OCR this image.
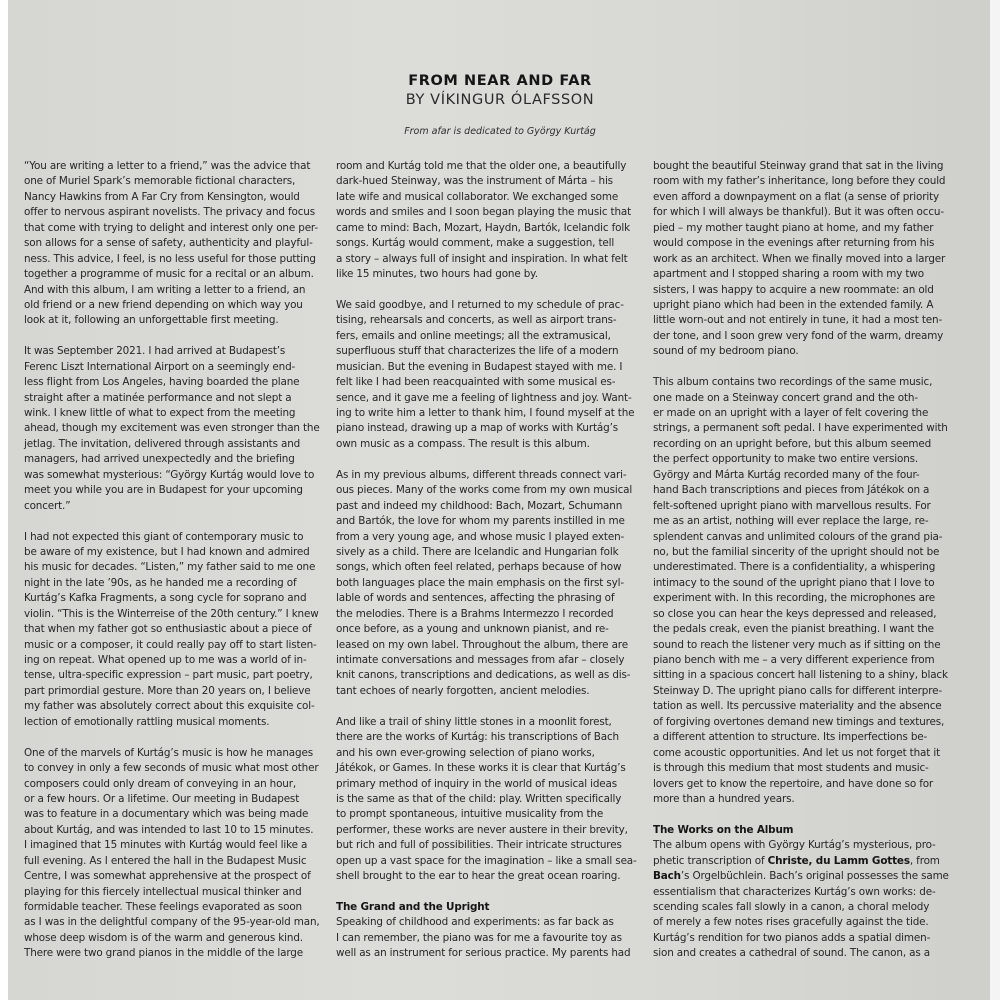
FROM NEAR AND FAR
BY VÍKINGUR ÓLAFSSON
From afar is dedicated to György Kurtág
“You are writing a letter to a friend,” was the advice that
one of Muriel Spark’s memorable fictional characters,
Nancy Hawkins from A Far Cry from Kensington, would
offer to nervous aspirant novelists. The privacy and focus
that come with trying to delight and interest only one per-
son allows for a sense of safety, authenticity and playful-
ness. This advice, I feel, is no less useful for those putting
together a programme of music for a recital or an album.
And with this album, I am writing a letter to a friend, an
old friend or a new friend depending on which way you
look at it, following an unforgettable first meeting.
It was September 2021. I had arrived at Budapest’s
Ferenc Liszt International Airport on a seemingly end-
less flight from Los Angeles, having boarded the plane
straight after a matinée performance and not slept a
wink. I knew little of what to expect from the meeting
ahead, though my excitement was even stronger than the
jetlag. The invitation, delivered through assistants and
managers, had arrived unexpectedly and the briefing
was somewhat mysterious: “György Kurtág would love to
meet you while you are in Budapest for your upcoming
concert.”
I had not expected this giant of contemporary music to
be aware of my existence, but I had known and admired
his music for decades. “Listen,” my father said to me one
night in the late ’90s, as he handed me a recording of
Kurtág’s Kafka Fragments, a song cycle for soprano and
violin. “This is the Winterreise of the 20th century.” I knew
that when my father got so enthusiastic about a piece of
music or a composer, it could really pay off to start listen-
ing on repeat. What opened up to me was a world of in-
tense, ultra-specific expression – part music, part poetry,
part primordial gesture. More than 20 years on, I believe
my father was absolutely correct about this exquisite col-
lection of emotionally rattling musical moments.
One of the marvels of Kurtág’s music is how he manages
to convey in only a few seconds of music what most other
composers could only dream of conveying in an hour,
or a few hours. Or a lifetime. Our meeting in Budapest
was to feature in a documentary which was being made
about Kurtág, and was intended to last 10 to 15 minutes.
I imagined that 15 minutes with Kurtág would feel like a
full evening. As I entered the hall in the Budapest Music
Centre, I was somewhat apprehensive at the prospect of
playing for this fiercely intellectual musical thinker and
formidable teacher. These feelings evaporated as soon
as I was in the delightful company of the 95-year-old man,
whose deep wisdom is of the warm and generous kind.
There were two grand pianos in the middle of the large
room and Kurtág told me that the older one, a beautifully
dark-hued Steinway, was the instrument of Márta – his
late wife and musical collaborator. We exchanged some
words and smiles and I soon began playing the music that
came to mind: Bach, Mozart, Haydn, Bartók, Icelandic folk
songs. Kurtág would comment, make a suggestion, tell
a story – always full of insight and inspiration. In what felt
like 15 minutes, two hours had gone by.
We said goodbye, and I returned to my schedule of prac-
tising, rehearsals and concerts, as well as airport trans-
fers, emails and online meetings; all the extramusical,
superfluous stuff that characterizes the life of a modern
musician. But the evening in Budapest stayed with me. I
felt like I had been reacquainted with some musical es-
sence, and it gave me a feeling of lightness and joy. Want-
ing to write him a letter to thank him, I found myself at the
piano instead, drawing up a map of works with Kurtág’s
own music as a compass. The result is this album.
As in my previous albums, different threads connect vari-
ous pieces. Many of the works come from my own musical
past and indeed my childhood: Bach, Mozart, Schumann
and Bartók, the love for whom my parents instilled in me
from a very young age, and whose music I played exten-
sively as a child. There are Icelandic and Hungarian folk
songs, which often feel related, perhaps because of how
both languages place the main emphasis on the first syl-
lable of words and sentences, affecting the phrasing of
the melodies. There is a Brahms Intermezzo I recorded
once before, as a young and unknown pianist, and re-
leased on my own label. Throughout the album, there are
intimate conversations and messages from afar – closely
knit canons, transcriptions and dedications, as well as dis-
tant echoes of nearly forgotten, ancient melodies.
And like a trail of shiny little stones in a moonlit forest,
there are the works of Kurtág: his transcriptions of Bach
and his own ever-growing selection of piano works,
Játékok, or Games. In these works it is clear that Kurtág’s
primary method of inquiry in the world of musical ideas
is the same as that of the child: play. Written specifically
to prompt spontaneous, intuitive musicality from the
performer, these works are never austere in their brevity,
but rich and full of possibilities. Their intricate structures
open up a vast space for the imagination – like a small sea-
shell brought to the ear to hear the great ocean roaring.
The Grand and the Upright
Speaking of childhood and experiments: as far back as
I can remember, the piano was for me a favourite toy as
well as an instrument for serious practice. My parents had
bought the beautiful Steinway grand that sat in the living
room with my father’s inheritance, long before they could
even afford a downpayment on a flat (a sense of priority
for which I will always be thankful). But it was often occu-
pied – my mother taught piano at home, and my father
would compose in the evenings after returning from his
work as an architect. When we finally moved into a larger
apartment and I stopped sharing a room with my two
sisters, I was happy to acquire a new roommate: an old
upright piano which had been in the extended family. A
little worn-out and not entirely in tune, it had a most ten-
der tone, and I soon grew very fond of the warm, dreamy
sound of my bedroom piano.
This album contains two recordings of the same music,
one made on a Steinway concert grand and the oth-
er made on an upright with a layer of felt covering the
strings, a permanent soft pedal. I have experimented with
recording on an upright before, but this album seemed
the perfect opportunity to make two entire versions.
György and Márta Kurtág recorded many of the four-
hand Bach transcriptions and pieces from Játékok on a
felt-softened upright piano with marvellous results. For
me as an artist, nothing will ever replace the large, re-
splendent canvas and unlimited colours of the grand pia-
no, but the familial sincerity of the upright should not be
underestimated. There is a confidentiality, a whispering
intimacy to the sound of the upright piano that I love to
experiment with. In this recording, the microphones are
so close you can hear the keys depressed and released,
the pedals creak, even the pianist breathing. I want the
sound to reach the listener very much as if sitting on the
piano bench with me – a very different experience from
sitting in a spacious concert hall listening to a shiny, black
Steinway D. The upright piano calls for different interpre-
tation as well. Its percussive materiality and the absence
of forgiving overtones demand new timings and textures,
a different attention to structure. Its imperfections be-
come acoustic opportunities. And let us not forget that it
is through this medium that most students and music-
lovers get to know the repertoire, and have done so for
more than a hundred years.
The Works on the Album
The album opens with György Kurtág’s mysterious, pro-
phetic transcription of Christe, du Lamm Gottes, from
Bach’s Orgelbüchlein. Bach’s original possesses the same
essentialism that characterizes Kurtág’s own works: de-
scending scales fall slowly in a canon, a choral melody
of merely a few notes rises gracefully against the tide.
Kurtág’s rendition for two pianos adds a spatial dimen-
sion and creates a cathedral of sound. The canon, as a
